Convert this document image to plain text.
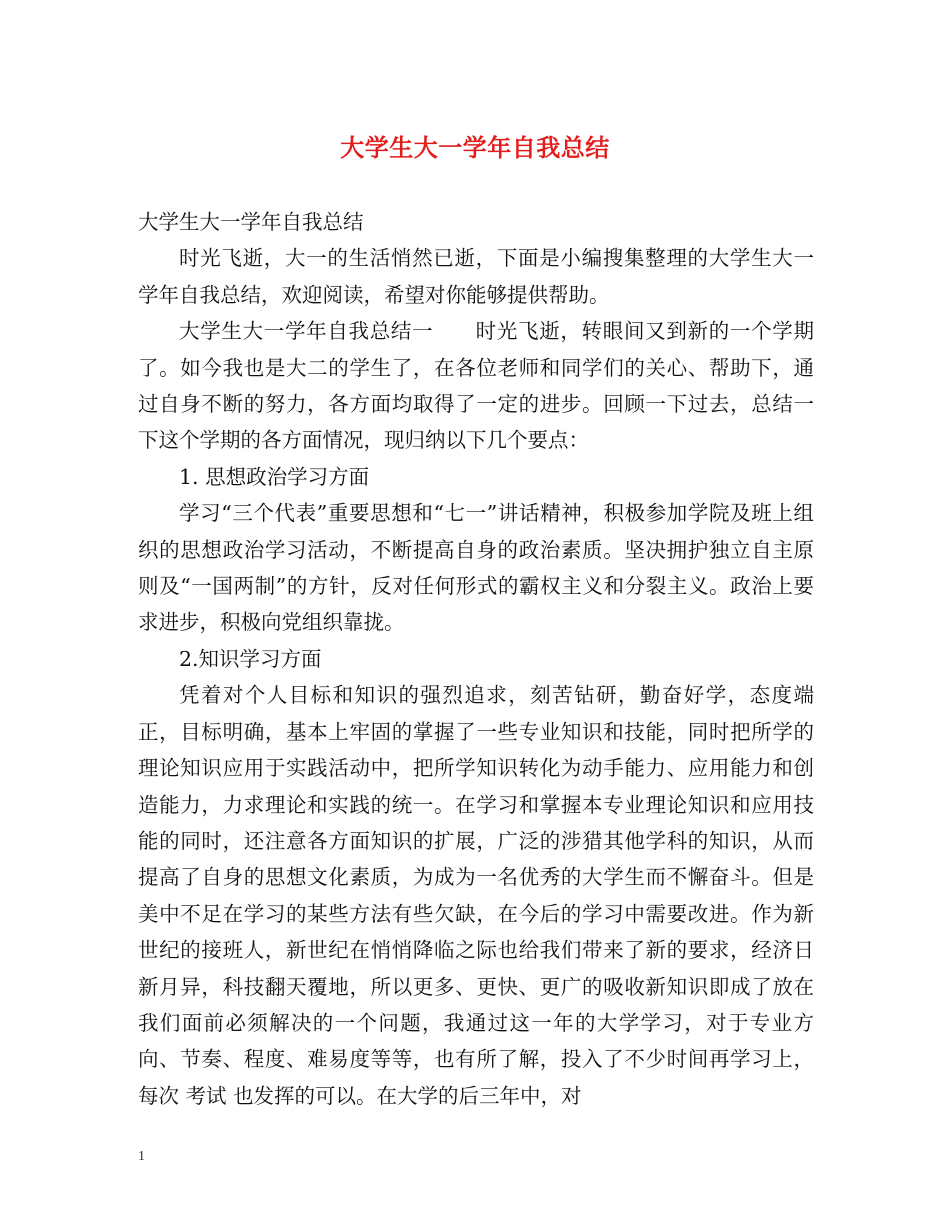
大学生大一学年自我总结

大学生大一学年自我总结

时光飞逝，大一的生活悄然已逝，下面是小编搜集整理的大学生大一学年自我总结，欢迎阅读，希望对你能够提供帮助。

大学生大一学年自我总结一　　时光飞逝，转眼间又到新的一个学期了。如今我也是大二的学生了，在各位老师和同学们的关心、帮助下，通过自身不断的努力，各方面均取得了一定的进步。回顾一下过去，总结一下这个学期的各方面情况，现归纳以下几个要点：

1. 思想政治学习方面

学习“三个代表”重要思想和“七一”讲话精神，积极参加学院及班上组织的思想政治学习活动，不断提高自身的政治素质。坚决拥护独立自主原则及“一国两制”的方针，反对任何形式的霸权主义和分裂主义。政治上要求进步，积极向党组织靠拢。

2.知识学习方面

凭着对个人目标和知识的强烈追求，刻苦钻研，勤奋好学，态度端正，目标明确，基本上牢固的掌握了一些专业知识和技能，同时把所学的理论知识应用于实践活动中，把所学知识转化为动手能力、应用能力和创造能力，力求理论和实践的统一。在学习和掌握本专业理论知识和应用技能的同时，还注意各方面知识的扩展，广泛的涉猎其他学科的知识，从而提高了自身的思想文化素质，为成为一名优秀的大学生而不懈奋斗。但是美中不足在学习的某些方法有些欠缺，在今后的学习中需要改进。作为新世纪的接班人，新世纪在悄悄降临之际也给我们带来了新的要求，经济日新月异，科技翻天覆地，所以更多、更快、更广的吸收新知识即成了放在我们面前必须解决的一个问题，我通过这一年的大学学习，对于专业方向、节奏、程度、难易度等等，也有所了解，投入了不少时间再学习上，每次 考试 也发挥的可以。在大学的后三年中，对

1
